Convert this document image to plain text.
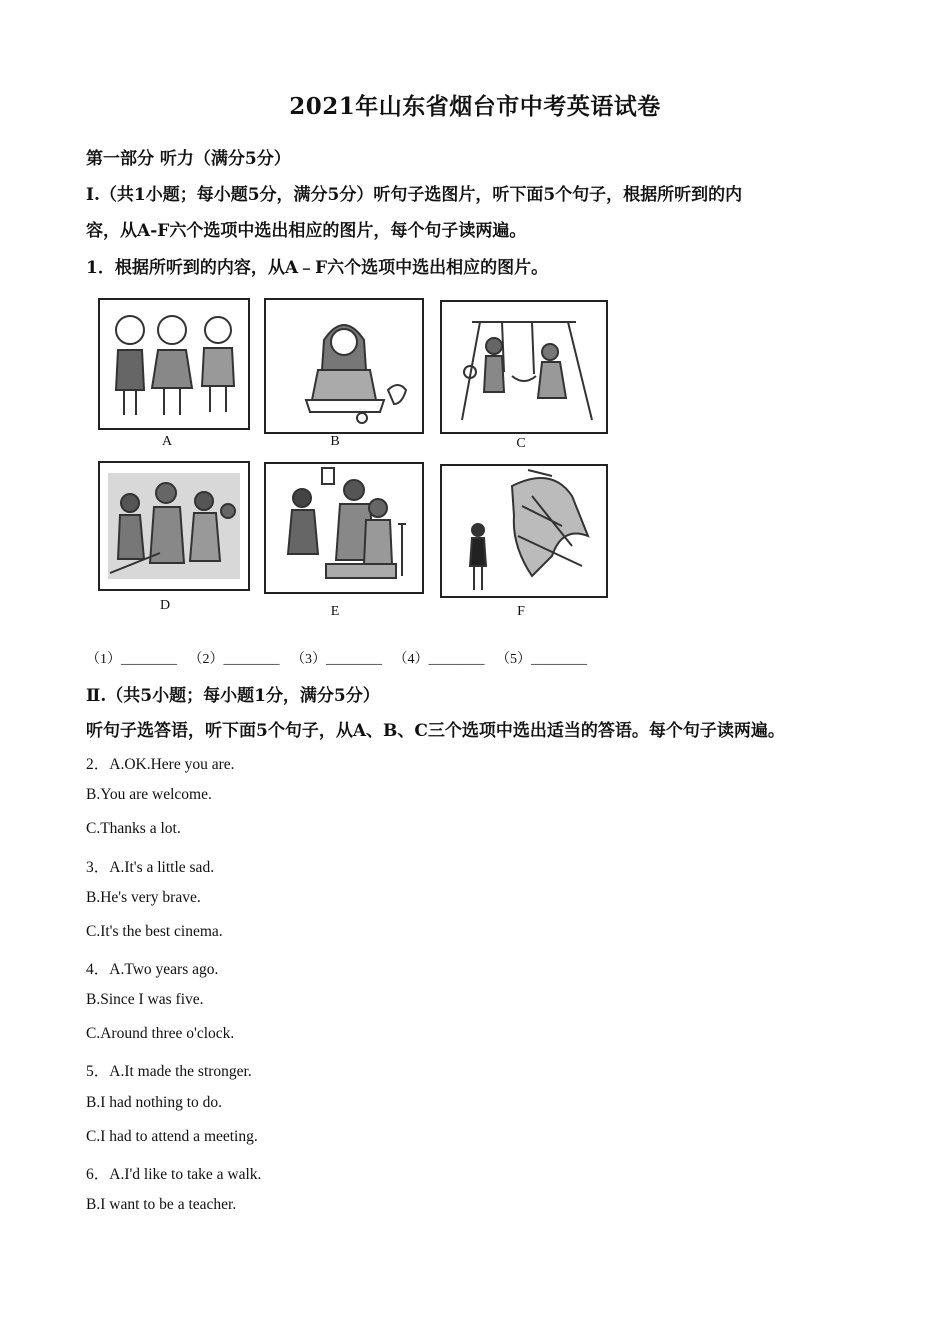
2021年山东省烟台市中考英语试卷
第一部分 听力（满分5分）
Ⅰ.（共1小题；每小题5分，满分5分）听句子选图片，听下面5个句子，根据所听到的内
容，从A-F六个选项中选出相应的图片，每个句子读两遍。
1．根据所听到的内容，从A﹣F六个选项中选出相应的图片。
A	B	C
D	E	F
（1）________ （2）________ （3）________ （4）________ （5）________
Ⅱ.（共5小题；每小题1分，满分5分）
听句子选答语，听下面5个句子，从A、B、C三个选项中选出适当的答语。每个句子读两遍。
2．A.OK.Here you are.
B.You are welcome.
C.Thanks a lot.
3．A.It's a little sad.
B.He's very brave.
C.It's the best cinema.
4．A.Two years ago.
B.Since I was five.
C.Around three o'clock.
5．A.It made the stronger.
B.I had nothing to do.
C.I had to attend a meeting.
6．A.I'd like to take a walk.
B.I want to be a teacher.
